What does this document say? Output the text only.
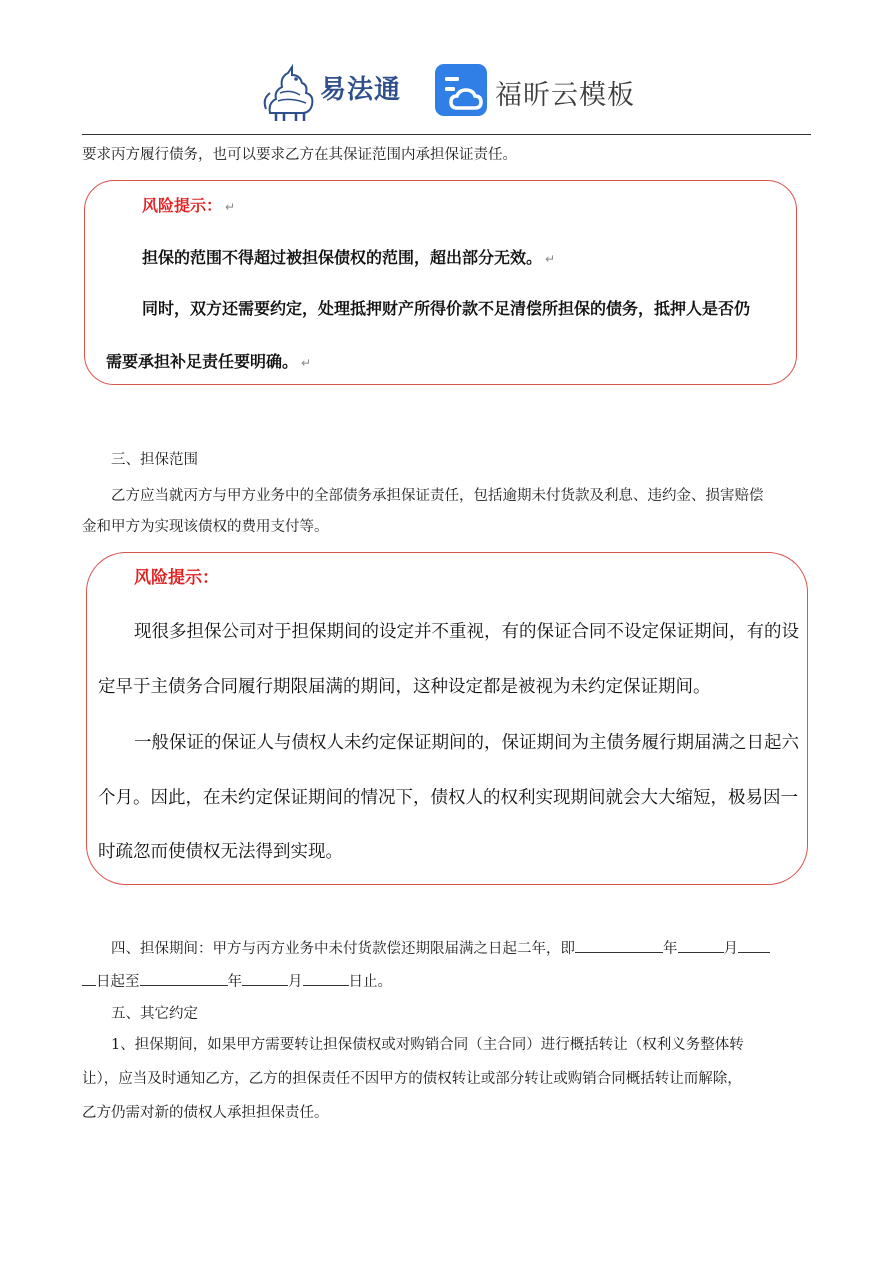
易法通	福昕云模板

要求丙方履行债务，也可以要求乙方在其保证范围内承担保证责任。

风险提示： ↵
担保的范围不得超过被担保债权的范围，超出部分无效。 ↵
同时，双方还需要约定，处理抵押财产所得价款不足清偿所担保的债务，抵押人是否仍
需要承担补足责任要明确。 ↵

三、担保范围

乙方应当就丙方与甲方业务中的全部债务承担保证责任，包括逾期未付货款及利息、违约金、损害赔偿

金和甲方为实现该债权的费用支付等。

风险提示：
现很多担保公司对于担保期间的设定并不重视，有的保证合同不设定保证期间，有的设
定早于主债务合同履行期限届满的期间，这种设定都是被视为未约定保证期间。
一般保证的保证人与债权人未约定保证期间的，保证期间为主债务履行期届满之日起六
个月。因此，在未约定保证期间的情况下，债权人的权利实现期间就会大大缩短，极易因一
时疏忽而使债权无法得到实现。

四、担保期间：甲方与丙方业务中未付货款偿还期限届满之日起二年，即	年	月

日起至	年	月	日止。

五、其它约定

1、担保期间，如果甲方需要转让担保债权或对购销合同（主合同）进行概括转让（权利义务整体转

让），应当及时通知乙方，乙方的担保责任不因甲方的债权转让或部分转让或购销合同概括转让而解除，

乙方仍需对新的债权人承担担保责任。
